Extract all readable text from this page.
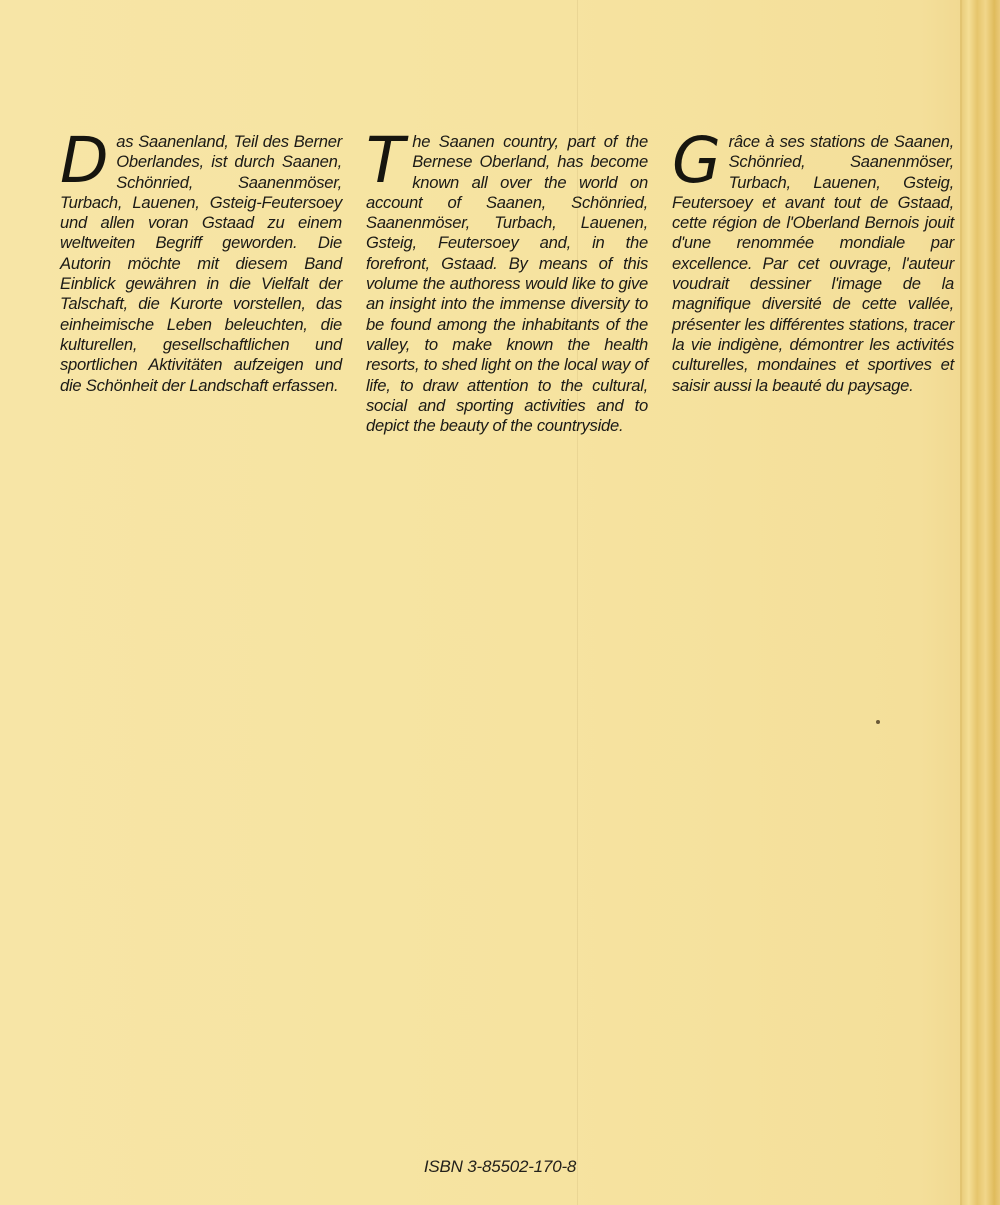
Das Saanenland, Teil des Berner Oberlandes, ist durch Saanen, Schönried, Saanenmöser, Turbach, Lauenen, Gsteig-Feutersoey und allen voran Gstaad zu einem weltweiten Begriff geworden. Die Autorin möchte mit diesem Band Einblick gewähren in die Vielfalt der Talschaft, die Kurorte vorstellen, das einheimische Leben beleuchten, die kulturellen, gesellschaftlichen und sportlichen Aktivitäten aufzeigen und die Schönheit der Landschaft erfassen.
The Saanen country, part of the Bernese Oberland, has become known all over the world on account of Saanen, Schönried, Saanenmöser, Turbach, Lauenen, Gsteig, Feutersoey and, in the forefront, Gstaad. By means of this volume the authoress would like to give an insight into the immense diversity to be found among the inhabitants of the valley, to make known the health resorts, to shed light on the local way of life, to draw attention to the cultural, social and sporting activities and to depict the beauty of the countryside.
Grâce à ses stations de Saanen, Schönried, Saanenmöser, Turbach, Lauenen, Gsteig, Feutersoey et avant tout de Gstaad, cette région de l'Oberland Bernois jouit d'une renommée mondiale par excellence. Par cet ouvrage, l'auteur voudrait dessiner l'image de la magnifique diversité de cette vallée, présenter les différentes stations, tracer la vie indigène, démontrer les activités culturelles, mondaines et sportives et saisir aussi la beauté du paysage.
ISBN 3-85502-170-8
